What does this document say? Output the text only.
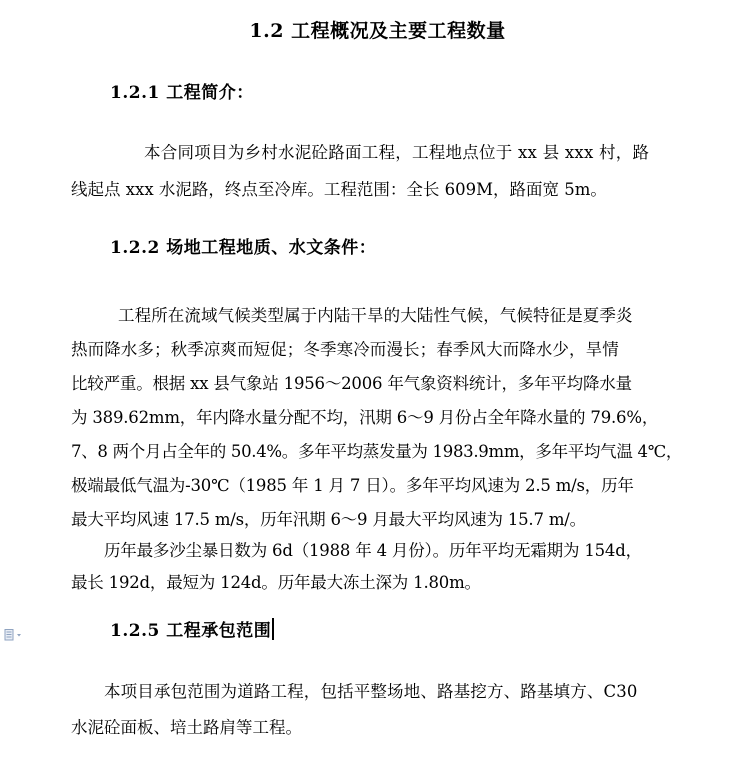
1.2 工程概况及主要工程数量
1.2.1 工程简介：
本合同项目为乡村水泥砼路面工程，工程地点位于 xx 县 xxx 村，路
线起点 xxx 水泥路，终点至冷库。工程范围：全长 609M，路面宽 5m。
1.2.2 场地工程地质、水文条件：
工程所在流域气候类型属于内陆干旱的大陆性气候，气候特征是夏季炎
热而降水多；秋季凉爽而短促；冬季寒冷而漫长；春季风大而降水少，旱情
比较严重。根据 xx 县气象站 1956～2006 年气象资料统计，多年平均降水量
为 389.62mm，年内降水量分配不均，汛期 6～9 月份占全年降水量的 79.6%，
7、8 两个月占全年的 50.4%。多年平均蒸发量为 1983.9mm，多年平均气温 4℃，
极端最低气温为-30℃（1985 年 1 月 7 日）。多年平均风速为 2.5 m/s，历年
最大平均风速 17.5 m/s，历年汛期 6～9 月最大平均风速为 15.7 m/。
历年最多沙尘暴日数为 6d（1988 年 4 月份）。历年平均无霜期为 154d，
最长 192d，最短为 124d。历年最大冻土深为 1.80m。
1.2.5 工程承包范围
本项目承包范围为道路工程，包括平整场地、路基挖方、路基填方、C30
水泥砼面板、培土路肩等工程。
